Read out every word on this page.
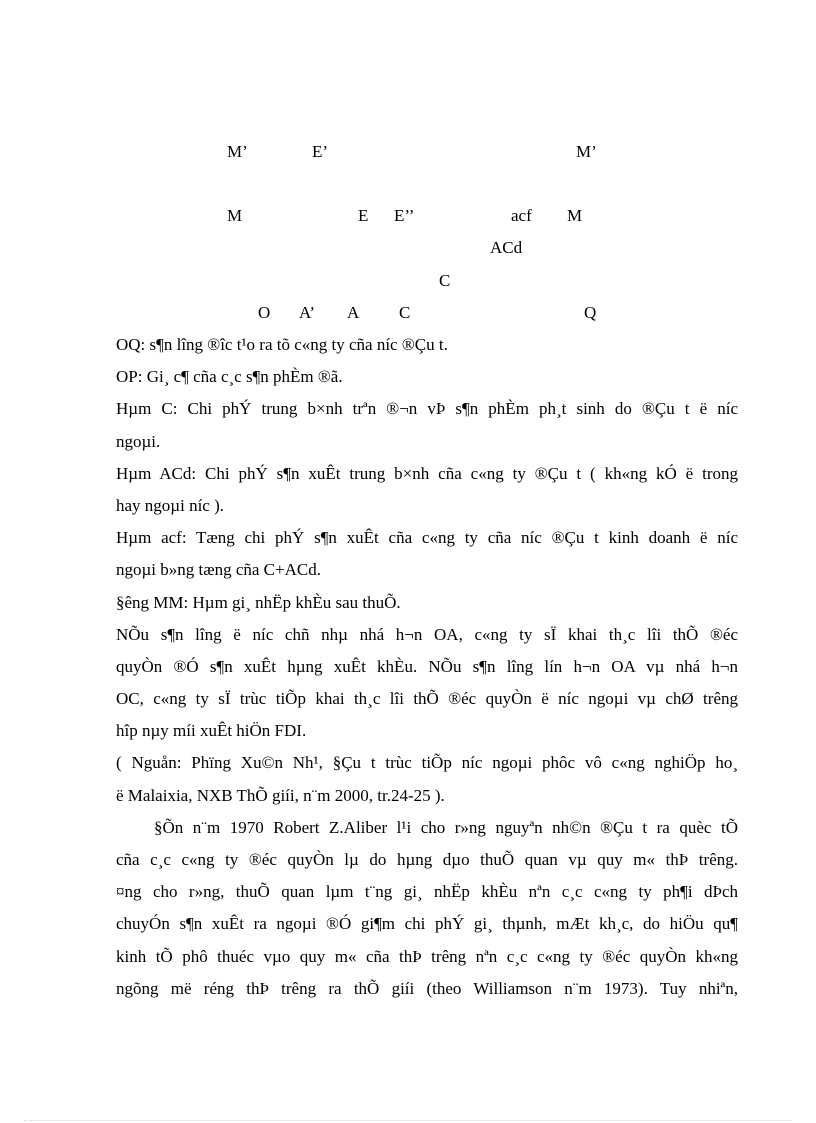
M’	E’	M’
M	E E’’	acf M
ACd
C
O A’ A C	Q
OQ: s¶n lîng ®îc t¹o ra tõ c«ng ty cña níc ®Çu t.
OP: Gi¸ c¶ cña c¸c s¶n phÈm ®ã.
Hµm C: Chi phÝ trung b×nh trªn ®¬n vÞ s¶n phÈm ph¸t sinh do ®Çu t ë níc
ngoµi.
Hµm ACd: Chi phÝ s¶n xuÊt trung b×nh cña c«ng ty ®Çu t ( kh«ng kÓ ë trong
hay ngoµi níc ).
Hµm acf: Tæng chi phÝ s¶n xuÊt cña c«ng ty cña níc ®Çu t kinh doanh ë níc
ngoµi b»ng tæng cña C+ACd.
§êng MM: Hµm gi¸ nhËp khÈu sau thuÕ.
NÕu s¶n lîng ë níc chñ nhµ nhá h¬n OA, c«ng ty sÏ khai th¸c lîi thÕ ®éc
quyÒn ®Ó s¶n xuÊt hµng xuÊt khÈu. NÕu s¶n lîng lín h¬n OA vµ nhá h¬n
OC, c«ng ty sÏ trùc tiÕp khai th¸c lîi thÕ ®éc quyÒn ë níc ngoµi vµ chØ trêng
hîp nµy míi xuÊt hiÖn FDI.
( Nguån: Phïng Xu©n Nh¹, §Çu t trùc tiÕp níc ngoµi phôc vô c«ng nghiÖp ho¸
ë Malaixia, NXB ThÕ giíi, n¨m 2000, tr.24-25 ).
§Õn n¨m 1970 Robert Z.Aliber l¹i cho r»ng nguyªn nh©n ®Çu t ra quèc tÕ
cña c¸c c«ng ty ®éc quyÒn lµ do hµng dµo thuÕ quan vµ quy m« thÞ trêng.
¤ng cho r»ng, thuÕ quan lµm t¨ng gi¸ nhËp khÈu nªn c¸c c«ng ty ph¶i dÞch
chuyÓn s¶n xuÊt ra ngoµi ®Ó gi¶m chi phÝ gi¸ thµnh, mÆt kh¸c, do hiÖu qu¶
kinh tÕ phô thuéc vµo quy m« cña thÞ trêng nªn c¸c c«ng ty ®éc quyÒn kh«ng
ngõng më réng thÞ trêng ra thÕ giíi (theo Williamson n¨m 1973). Tuy nhiªn,
